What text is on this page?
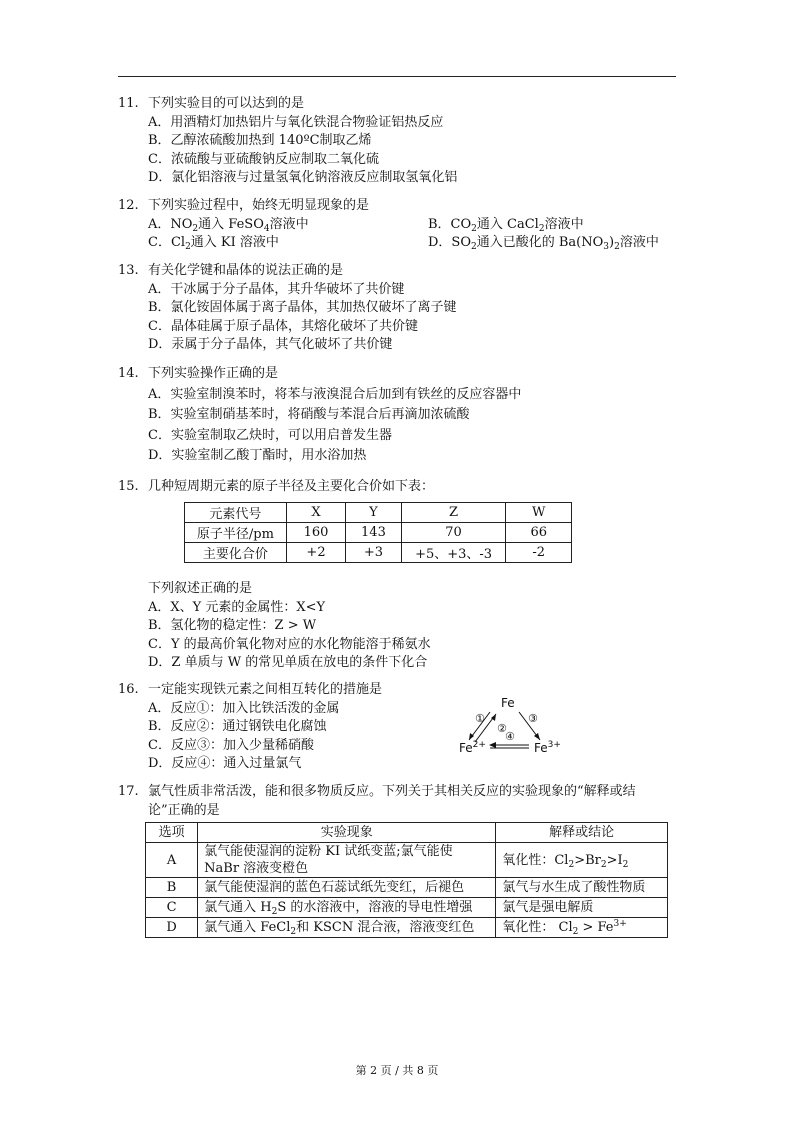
11. 下列实验目的可以达到的是
A．用酒精灯加热铝片与氧化铁混合物验证铝热反应
B．乙醇浓硫酸加热到 140ºC制取乙烯
C．浓硫酸与亚硫酸钠反应制取二氧化硫
D．氯化铝溶液与过量氢氧化钠溶液反应制取氢氧化铝
12. 下列实验过程中，始终无明显现象的是
A．$NO_2$通入 FeSO$_4$溶液中	B．$CO_2$通入 CaCl$_2$溶液中
C．$Cl_2$通入 KI 溶液中	D．$SO_2$通入已酸化的 $Ba(NO_3)_2$溶液中
13. 有关化学键和晶体的说法正确的是
A．干冰属于分子晶体，其升华破坏了共价键
B．氯化铵固体属于离子晶体，其加热仅破坏了离子键
C．晶体硅属于原子晶体，其熔化破坏了共价键
D．汞属于分子晶体，其气化破坏了共价键
14. 下列实验操作正确的是
A．实验室制溴苯时，将苯与液溴混合后加到有铁丝的反应容器中
B．实验室制硝基苯时，将硝酸与苯混合后再滴加浓硫酸
C．实验室制取乙炔时，可以用启普发生器
D．实验室制乙酸丁酯时，用水浴加热
15. 几种短周期元素的原子半径及主要化合价如下表：
元素代号	X	Y	Z	W
原子半径/pm	160	143	70	66
主要化合价	+2	+3	+5、+3、-3	-2
下列叙述正确的是
A．X、Y 元素的金属性：X<Y
B．氢化物的稳定性：Z > W
C．Y 的最高价氧化物对应的水化物能溶于稀氨水
D．Z 单质与 W 的常见单质在放电的条件下化合
16. 一定能实现铁元素之间相互转化的措施是
A．反应①：加入比铁活泼的金属
B．反应②：通过钢铁电化腐蚀
C．反应③：加入少量稀硝酸
D．反应④：通入过量氯气
Fe
$Fe^{2+}$	$Fe^{3+}$
①
②
③
④
17. 氯气性质非常活泼，能和很多物质反应。下列关于其相关反应的实验现象的“解释或结
论”正确的是
选项	实验现象	解释或结论
A	氯气能使湿润的淀粉 KI 试纸变蓝;氯气能使
NaBr 溶液变橙色	氧化性：$Cl_2>Br_2>I_2$
B	氯气能使湿润的蓝色石蕊试纸先变红，后褪色	氯气与水生成了酸性物质
C	氯气通入 $H_2S$ 的水溶液中，溶液的导电性增强	氯气是强电解质
D	氯气通入 FeCl$_2$和 KSCN 混合液，溶液变红色	氧化性： $Cl_2 > Fe^{3+}$
第 2 页 / 共 8 页
